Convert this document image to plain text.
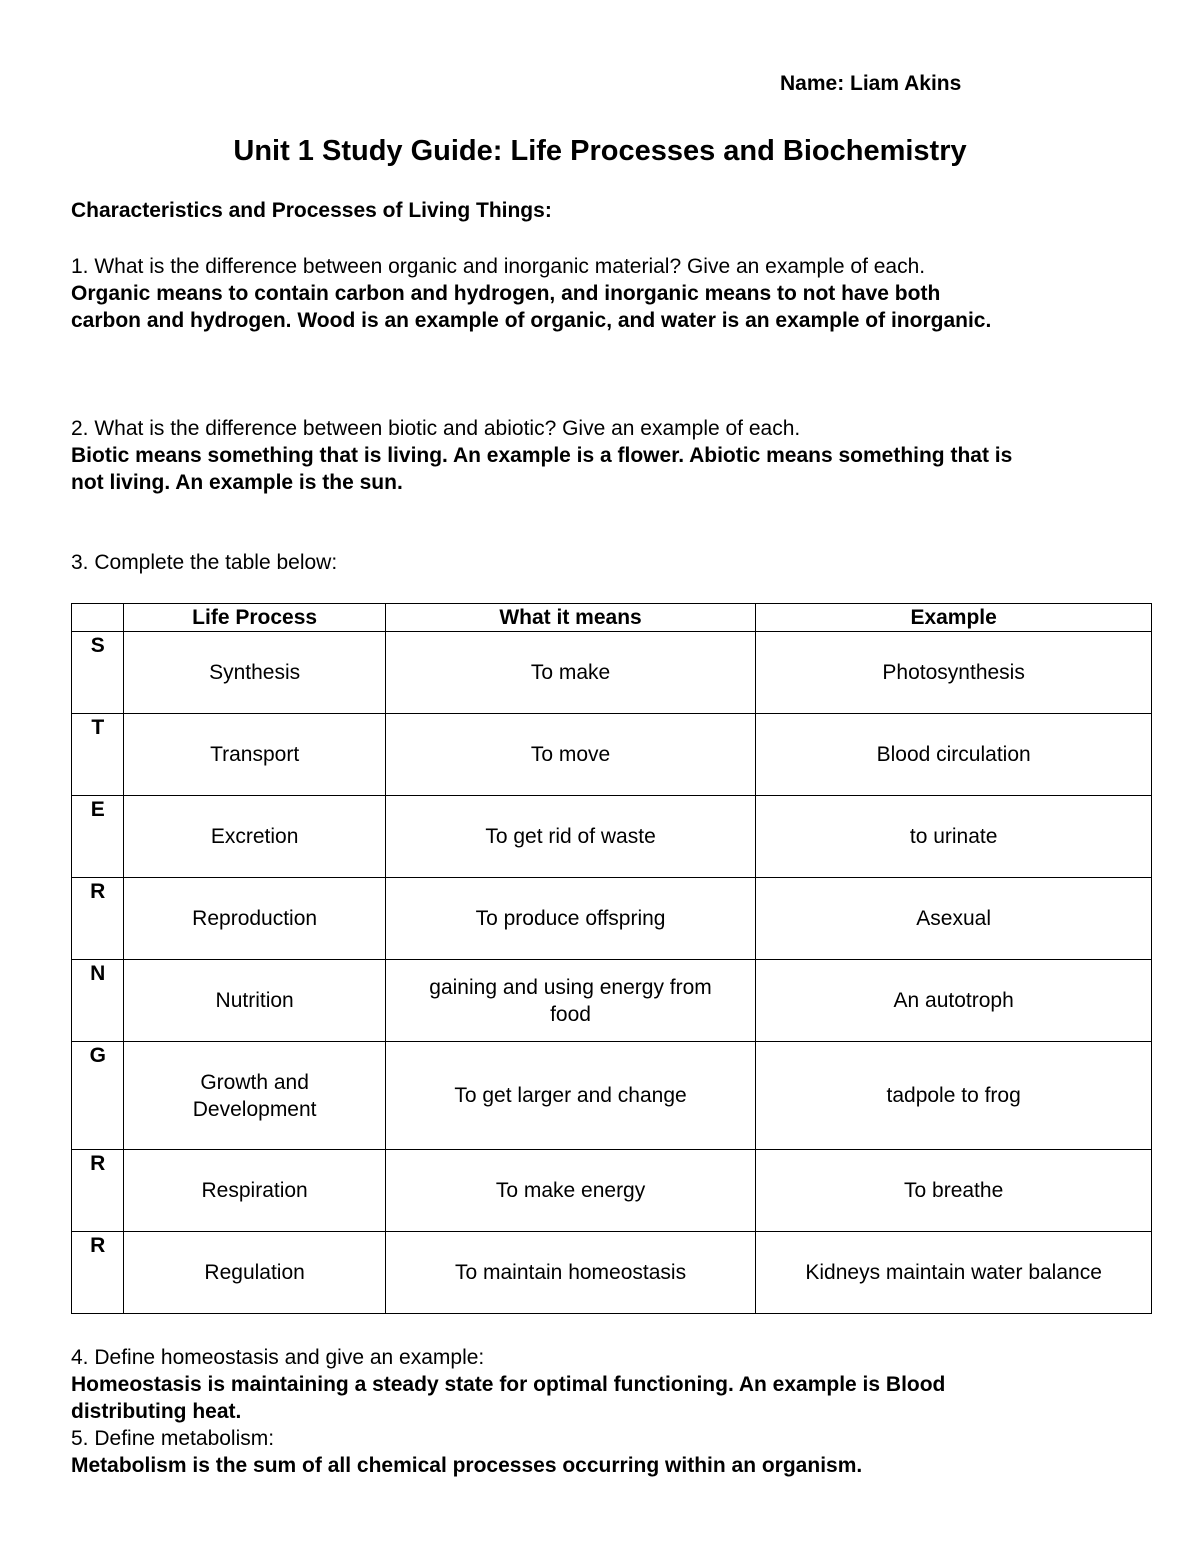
Name: Liam Akins
Unit 1 Study Guide: Life Processes and Biochemistry
Characteristics and Processes of Living Things:
1. What is the difference between organic and inorganic material? Give an example of each.
Organic means to contain carbon and hydrogen, and inorganic means to not have both
carbon and hydrogen. Wood is an example of organic, and water is an example of inorganic.
2. What is the difference between biotic and abiotic? Give an example of each.
Biotic means something that is living. An example is a flower. Abiotic means something that is
not living. An example is the sun.
3. Complete the table below:
	Life Process	What it means	Example
S	Synthesis	To make	Photosynthesis
T	Transport	To move	Blood circulation
E	Excretion	To get rid of waste	to urinate
R	Reproduction	To produce offspring	Asexual
N	Nutrition	gaining and using energy from food	An autotroph
G	Growth and Development	To get larger and change	tadpole to frog
R	Respiration	To make energy	To breathe
R	Regulation	To maintain homeostasis	Kidneys maintain water balance
4. Define homeostasis and give an example:
Homeostasis is maintaining a steady state for optimal functioning. An example is Blood
distributing heat.
5. Define metabolism:
Metabolism is the sum of all chemical processes occurring within an organism.
